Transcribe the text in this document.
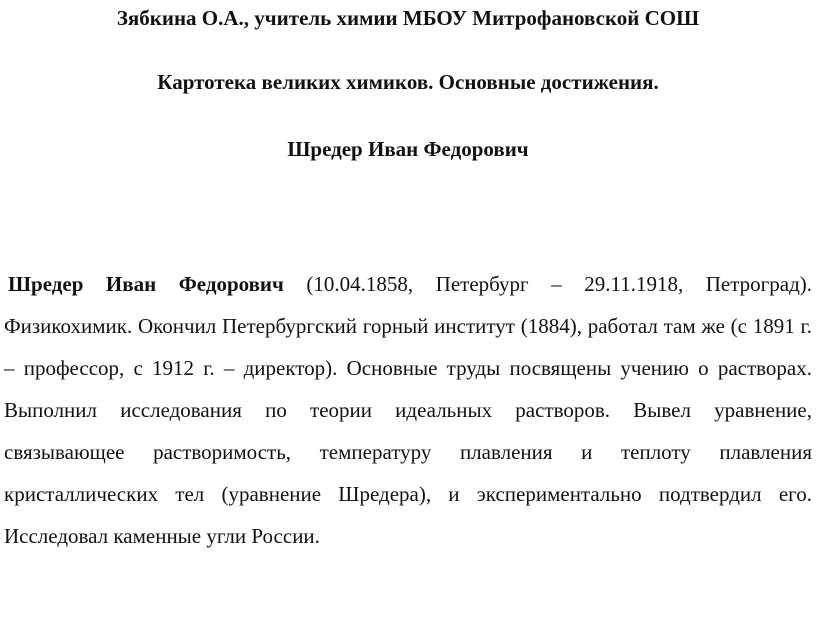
Зябкина О.А., учитель химии МБОУ Митрофановской СОШ
Картотека великих химиков. Основные достижения.
Шредер Иван Федорович
Шредер Иван Федорович (10.04.1858, Петербург – 29.11.1918, Петроград). Физикохимик. Окончил Петербургский горный институт (1884), работал там же (с 1891 г. – профессор, с 1912 г. – директор). Основные труды посвящены учению о растворах. Выполнил исследования по теории идеальных растворов. Вывел уравнение, связывающее растворимость, температуру плавления и теплоту плавления кристаллических тел (уравнение Шредера), и экспериментально подтвердил его. Исследовал каменные угли России.
